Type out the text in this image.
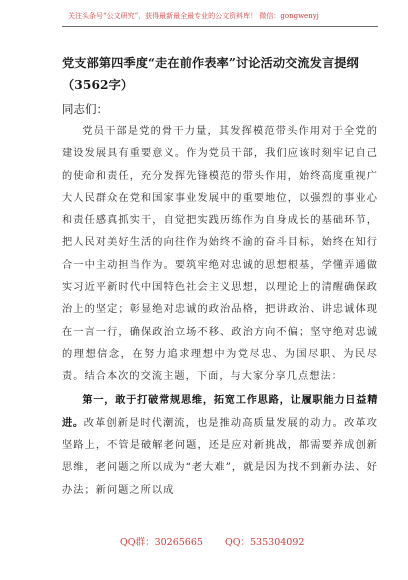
关注头条号“公文研究”，获得最新最全最专业的公文资料库！ 微信：gongwenyj
党支部第四季度“走在前作表率”讨论活动交流发言提纲
（3562字）
同志们：

党员干部是党的骨干力量，其发挥模范带头作用对于全党的建设发展具有重要意义。作为党员干部，我们应该时刻牢记自己的使命和责任，充分发挥先锋模范的带头作用，始终高度重视广大人民群众在党和国家事业发展中的重要地位，以强烈的事业心和责任感真抓实干，自觉把实践历练作为自身成长的基础环节，把人民对美好生活的向往作为始终不渝的奋斗目标，始终在知行合一中主动担当作为。要筑牢绝对忠诚的思想根基，学懂弄通做实习近平新时代中国特色社会主义思想，以理论上的清醒确保政治上的坚定；彰显绝对忠诚的政治品格，把讲政治、讲忠诚体现在一言一行，确保政治立场不移、政治方向不偏；坚守绝对忠诚的理想信念，在努力追求理想中为党尽忠、为国尽职、为民尽责。结合本次的交流主题，下面，与大家分享几点想法：

第一，敢于打破常规思维，拓宽工作思路，让履职能力日益精进。改革创新是时代潮流，也是推动高质量发展的动力。改革攻坚路上，不管是破解老问题，还是应对新挑战，都需要养成创新思维，老问题之所以成为“老大难”，就是因为找不到新办法、好办法；新问题之所以成

QQ群：30265665 QQ：535304092
